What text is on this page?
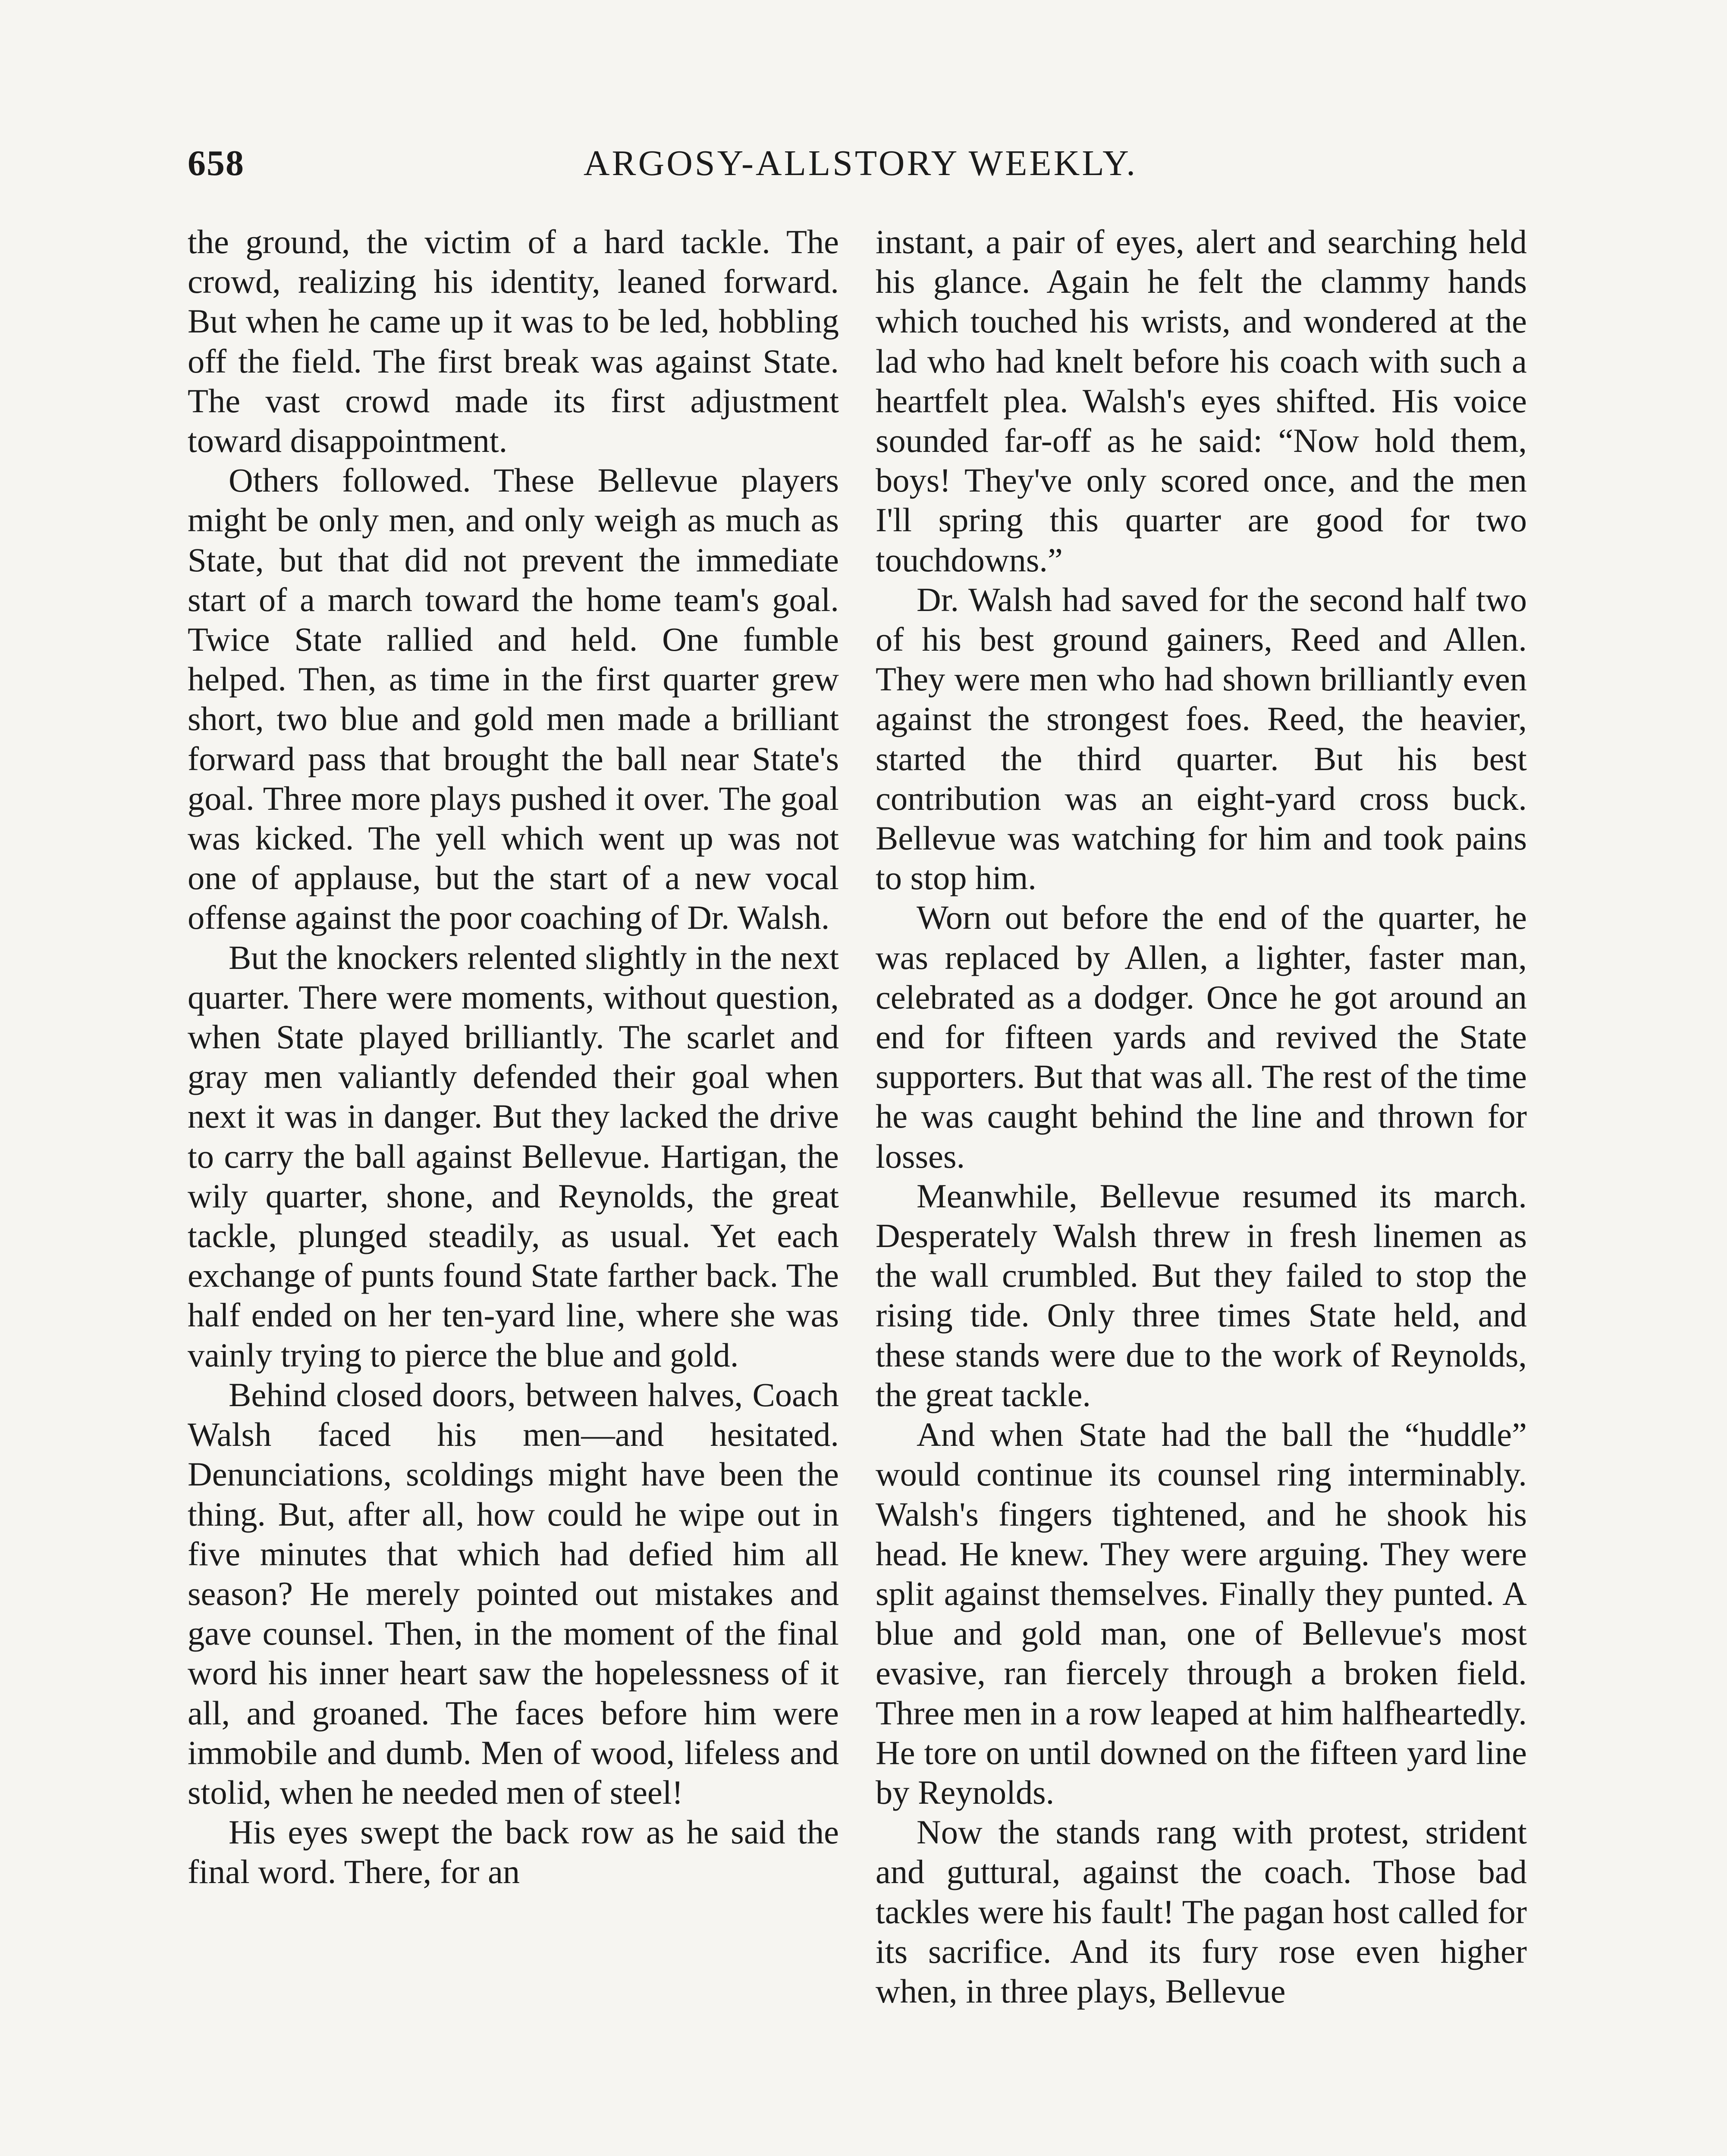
658	ARGOSY-ALLSTORY WEEKLY.

the ground, the victim of a hard tackle. The crowd, realizing his identity, leaned forward. But when he came up it was to be led, hobbling off the field. The first break was against State. The vast crowd made its first adjustment toward disappointment.

Others followed. These Bellevue players might be only men, and only weigh as much as State, but that did not prevent the immediate start of a march toward the home team's goal. Twice State rallied and held. One fumble helped. Then, as time in the first quarter grew short, two blue and gold men made a brilliant forward pass that brought the ball near State's goal. Three more plays pushed it over. The goal was kicked. The yell which went up was not one of applause, but the start of a new vocal offense against the poor coaching of Dr. Walsh.

But the knockers relented slightly in the next quarter. There were moments, without question, when State played brilliantly. The scarlet and gray men valiantly defended their goal when next it was in danger. But they lacked the drive to carry the ball against Bellevue. Hartigan, the wily quarter, shone, and Reynolds, the great tackle, plunged steadily, as usual. Yet each exchange of punts found State farther back. The half ended on her ten-yard line, where she was vainly trying to pierce the blue and gold.

Behind closed doors, between halves, Coach Walsh faced his men—and hesitated. Denunciations, scoldings might have been the thing. But, after all, how could he wipe out in five minutes that which had defied him all season? He merely pointed out mistakes and gave counsel. Then, in the moment of the final word his inner heart saw the hopelessness of it all, and groaned. The faces before him were immobile and dumb. Men of wood, lifeless and stolid, when he needed men of steel!

His eyes swept the back row as he said the final word. There, for an

instant, a pair of eyes, alert and searching held his glance. Again he felt the clammy hands which touched his wrists, and wondered at the lad who had knelt before his coach with such a heartfelt plea. Walsh's eyes shifted. His voice sounded far-off as he said: “Now hold them, boys! They've only scored once, and the men I'll spring this quarter are good for two touchdowns.”

Dr. Walsh had saved for the second half two of his best ground gainers, Reed and Allen. They were men who had shown brilliantly even against the strongest foes. Reed, the heavier, started the third quarter. But his best contribution was an eight-yard cross buck. Bellevue was watching for him and took pains to stop him.

Worn out before the end of the quarter, he was replaced by Allen, a lighter, faster man, celebrated as a dodger. Once he got around an end for fifteen yards and revived the State supporters. But that was all. The rest of the time he was caught behind the line and thrown for losses.

Meanwhile, Bellevue resumed its march. Desperately Walsh threw in fresh linemen as the wall crumbled. But they failed to stop the rising tide. Only three times State held, and these stands were due to the work of Reynolds, the great tackle.

And when State had the ball the “huddle” would continue its counsel ring interminably. Walsh's fingers tightened, and he shook his head. He knew. They were arguing. They were split against themselves. Finally they punted. A blue and gold man, one of Bellevue's most evasive, ran fiercely through a broken field. Three men in a row leaped at him halfheartedly. He tore on until downed on the fifteen yard line by Reynolds.

Now the stands rang with protest, strident and guttural, against the coach. Those bad tackles were his fault! The pagan host called for its sacrifice. And its fury rose even higher when, in three plays, Bellevue
